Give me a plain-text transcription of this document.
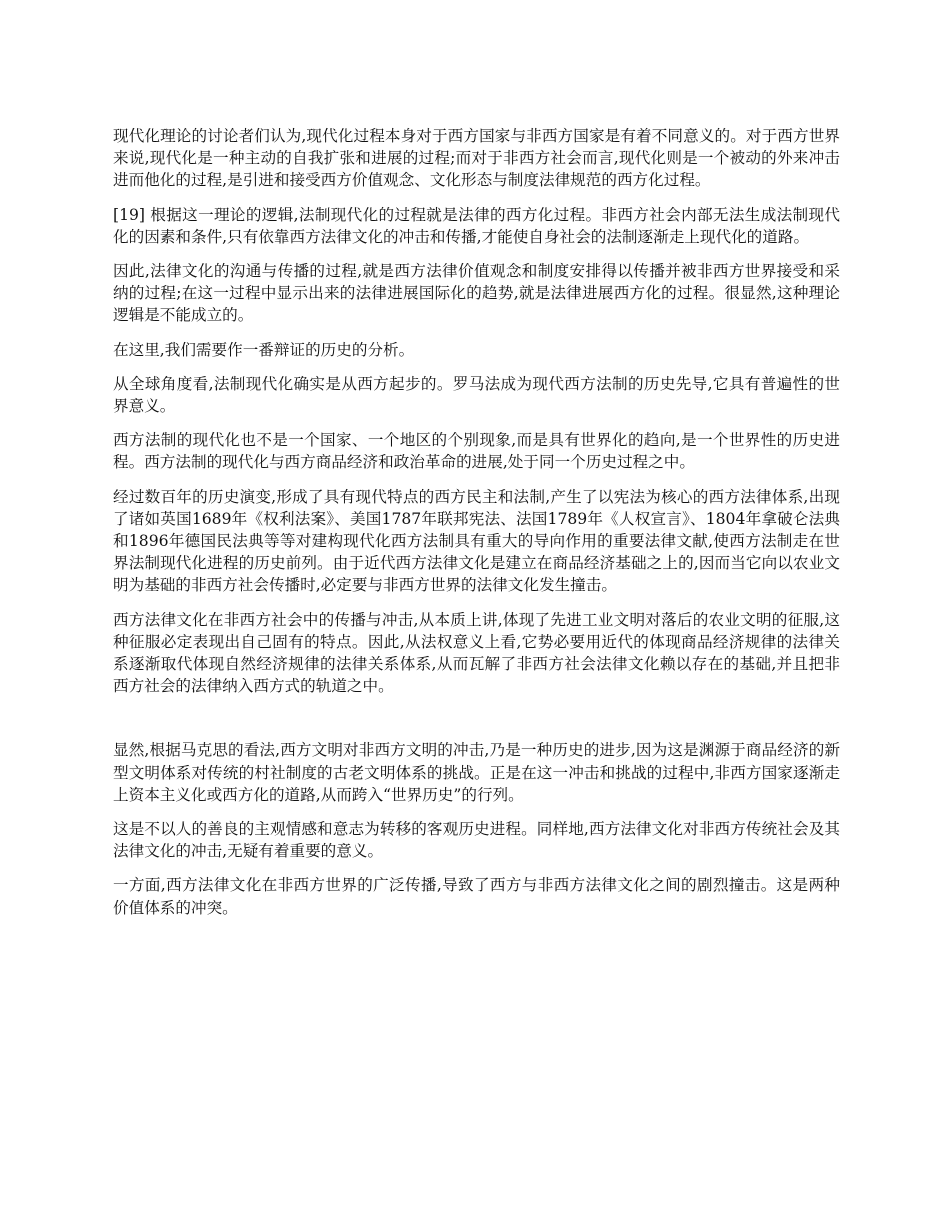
现代化理论的讨论者们认为,现代化过程本身对于西方国家与非西方国家是有着不同意义的。对于西方世界来说,现代化是一种主动的自我扩张和进展的过程;而对于非西方社会而言,现代化则是一个被动的外来冲击进而他化的过程,是引进和接受西方价值观念、文化形态与制度法律规范的西方化过程。

[19] 根据这一理论的逻辑,法制现代化的过程就是法律的西方化过程。非西方社会内部无法生成法制现代化的因素和条件,只有依靠西方法律文化的冲击和传播,才能使自身社会的法制逐渐走上现代化的道路。

因此,法律文化的沟通与传播的过程,就是西方法律价值观念和制度安排得以传播并被非西方世界接受和采纳的过程;在这一过程中显示出来的法律进展国际化的趋势,就是法律进展西方化的过程。很显然,这种理论逻辑是不能成立的。

在这里,我们需要作一番辩证的历史的分析。

从全球角度看,法制现代化确实是从西方起步的。罗马法成为现代西方法制的历史先导,它具有普遍性的世界意义。

西方法制的现代化也不是一个国家、一个地区的个别现象,而是具有世界化的趋向,是一个世界性的历史进程。西方法制的现代化与西方商品经济和政治革命的进展,处于同一个历史过程之中。

经过数百年的历史演变,形成了具有现代特点的西方民主和法制,产生了以宪法为核心的西方法律体系,出现了诸如英国1689年《权利法案》、美国1787年联邦宪法、法国1789年《人权宣言》、1804年拿破仑法典和1896年德国民法典等等对建构现代化西方法制具有重大的导向作用的重要法律文献,使西方法制走在世界法制现代化进程的历史前列。由于近代西方法律文化是建立在商品经济基础之上的,因而当它向以农业文明为基础的非西方社会传播时,必定要与非西方世界的法律文化发生撞击。

西方法律文化在非西方社会中的传播与冲击,从本质上讲,体现了先进工业文明对落后的农业文明的征服,这种征服必定表现出自己固有的特点。因此,从法权意义上看,它势必要用近代的体现商品经济规律的法律关系逐渐取代体现自然经济规律的法律关系体系,从而瓦解了非西方社会法律文化赖以存在的基础,并且把非西方社会的法律纳入西方式的轨道之中。

显然,根据马克思的看法,西方文明对非西方文明的冲击,乃是一种历史的进步,因为这是渊源于商品经济的新型文明体系对传统的村社制度的古老文明体系的挑战。正是在这一冲击和挑战的过程中,非西方国家逐渐走上资本主义化或西方化的道路,从而跨入“世界历史”的行列。

这是不以人的善良的主观情感和意志为转移的客观历史进程。同样地,西方法律文化对非西方传统社会及其法律文化的冲击,无疑有着重要的意义。

一方面,西方法律文化在非西方世界的广泛传播,导致了西方与非西方法律文化之间的剧烈撞击。这是两种价值体系的冲突。
